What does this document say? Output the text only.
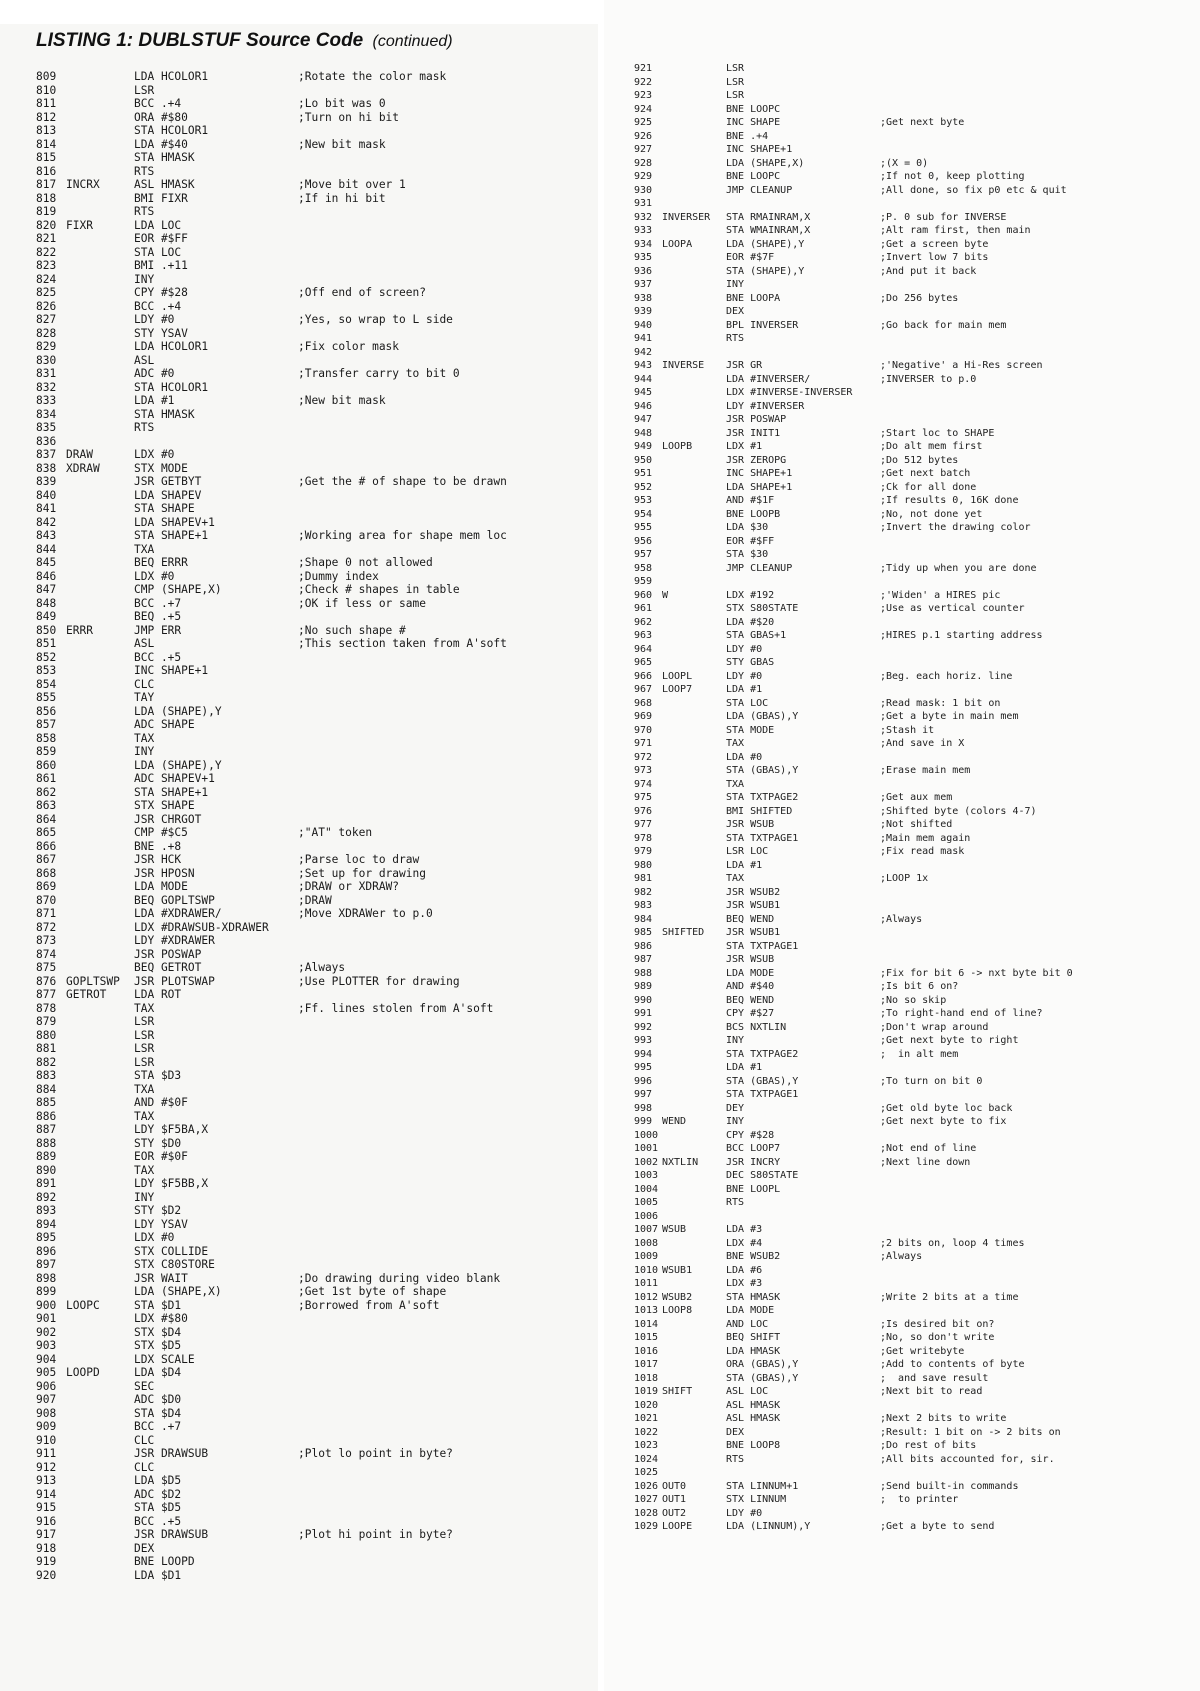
LISTING 1: DUBLSTUF Source Code (continued)
809	LDA HCOLOR1	;Rotate the color mask
810	LSR
811	BCC .+4	;Lo bit was 0
812	ORA #$80	;Turn on hi bit
813	STA HCOLOR1
814	LDA #$40	;New bit mask
815	STA HMASK
816	RTS
817 INCRX	ASL HMASK	;Move bit over 1
818	BMI FIXR	;If in hi bit
819	RTS
820 FIXR	LDA LOC
821	EOR #$FF
822	STA LOC
823	BMI .+11
824	INY
825	CPY #$28	;Off end of screen?
826	BCC .+4
827	LDY #0	;Yes, so wrap to L side
828	STY YSAV
829	LDA HCOLOR1	;Fix color mask
830	ASL
831	ADC #0	;Transfer carry to bit 0
832	STA HCOLOR1
833	LDA #1	;New bit mask
834	STA HMASK
835	RTS
836
837 DRAW	LDX #0
838 XDRAW	STX MODE
839	JSR GETBYT	;Get the # of shape to be drawn
840	LDA SHAPEV
841	STA SHAPE
842	LDA SHAPEV+1
843	STA SHAPE+1	;Working area for shape mem loc
844	TXA
845	BEQ ERRR	;Shape 0 not allowed
846	LDX #0	;Dummy index
847	CMP (SHAPE,X)	;Check # shapes in table
848	BCC .+7	;OK if less or same
849	BEQ .+5
850 ERRR	JMP ERR	;No such shape #
851	ASL	;This section taken from A'soft
852	BCC .+5
853	INC SHAPE+1
854	CLC
855	TAY
856	LDA (SHAPE),Y
857	ADC SHAPE
858	TAX
859	INY
860	LDA (SHAPE),Y
861	ADC SHAPEV+1
862	STA SHAPE+1
863	STX SHAPE
864	JSR CHRGOT
865	CMP #$C5	;"AT" token
866	BNE .+8
867	JSR HCK	;Parse loc to draw
868	JSR HPOSN	;Set up for drawing
869	LDA MODE	;DRAW or XDRAW?
870	BEQ GOPLTSWP	;DRAW
871	LDA #XDRAWER/	;Move XDRAWer to p.0
872	LDX #DRAWSUB-XDRAWER
873	LDY #XDRAWER
874	JSR POSWAP
875	BEQ GETROT	;Always
876 GOPLTSWP JSR PLOTSWAP	;Use PLOTTER for drawing
877 GETROT LDA ROT
878	TAX	;Ff. lines stolen from A'soft
879	LSR
880	LSR
881	LSR
882	LSR
883	STA $D3
884	TXA
885	AND #$0F
886	TAX
887	LDY $F5BA,X
888	STY $D0
889	EOR #$0F
890	TAX
891	LDY $F5BB,X
892	INY
893	STY $D2
894	LDY YSAV
895	LDX #0
896	STX COLLIDE
897	STX C80STORE
898	JSR WAIT	;Do drawing during video blank
899	LDA (SHAPE,X)	;Get 1st byte of shape
900 LOOPC	STA $D1	;Borrowed from A'soft
901	LDX #$80
902	STX $D4
903	STX $D5
904	LDX SCALE
905 LOOPD	LDA $D4
906	SEC
907	ADC $D0
908	STA $D4
909	BCC .+7
910	CLC
911	JSR DRAWSUB	;Plot lo point in byte?
912	CLC
913	LDA $D5
914	ADC $D2
915	STA $D5
916	BCC .+5
917	JSR DRAWSUB	;Plot hi point in byte?
918	DEX
919	BNE LOOPD
920	LDA $D1
921	LSR
922	LSR
923	LSR
924	BNE LOOPC
925	INC SHAPE	;Get next byte
926	BNE .+4
927	INC SHAPE+1
928	LDA (SHAPE,X)	;(X = 0)
929	BNE LOOPC	;If not 0, keep plotting
930	JMP CLEANUP	;All done, so fix p0 etc & quit
931
932 INVERSER STA RMAINRAM,X	;P. 0 sub for INVERSE
933	STA WMAINRAM,X	;Alt ram first, then main
934 LOOPA	LDA (SHAPE),Y	;Get a screen byte
935	EOR #$7F	;Invert low 7 bits
936	STA (SHAPE),Y	;And put it back
937	INY
938	BNE LOOPA	;Do 256 bytes
939	DEX
940	BPL INVERSER	;Go back for main mem
941	RTS
942
943 INVERSE JSR GR	;'Negative' a Hi-Res screen
944	LDA #INVERSER/	;INVERSER to p.0
945	LDX #INVERSE-INVERSER
946	LDY #INVERSER
947	JSR POSWAP
948	JSR INIT1	;Start loc to SHAPE
949 LOOPB	LDX #1	;Do alt mem first
950	JSR ZEROPG	;Do 512 bytes
951	INC SHAPE+1	;Get next batch
952	LDA SHAPE+1	;Ck for all done
953	AND #$1F	;If results 0, 16K done
954	BNE LOOPB	;No, not done yet
955	LDA $30	;Invert the drawing color
956	EOR #$FF
957	STA $30
958	JMP CLEANUP	;Tidy up when you are done
959
960 W	LDX #192	;'Widen' a HIRES pic
961	STX S80STATE	;Use as vertical counter
962	LDA #$20
963	STA GBAS+1	;HIRES p.1 starting address
964	LDY #0
965	STY GBAS
966 LOOPL	LDY #0	;Beg. each horiz. line
967 LOOP7	LDA #1
968	STA LOC	;Read mask: 1 bit on
969	LDA (GBAS),Y	;Get a byte in main mem
970	STA MODE	;Stash it
971	TAX	;And save in X
972	LDA #0
973	STA (GBAS),Y	;Erase main mem
974	TXA
975	STA TXTPAGE2	;Get aux mem
976	BMI SHIFTED	;Shifted byte (colors 4-7)
977	JSR WSUB	;Not shifted
978	STA TXTPAGE1	;Main mem again
979	LSR LOC	;Fix read mask
980	LDA #1
981	TAX	;LOOP 1x
982	JSR WSUB2
983	JSR WSUB1
984	BEQ WEND	;Always
985 SHIFTED JSR WSUB1
986	STA TXTPAGE1
987	JSR WSUB
988	LDA MODE	;Fix for bit 6 -> nxt byte bit 0
989	AND #$40	;Is bit 6 on?
990	BEQ WEND	;No so skip
991	CPY #$27	;To right-hand end of line?
992	BCS NXTLIN	;Don't wrap around
993	INY	;Get next byte to right
994	STA TXTPAGE2	;  in alt mem
995	LDA #1
996	STA (GBAS),Y	;To turn on bit 0
997	STA TXTPAGE1
998	DEY	;Get old byte loc back
999 WEND	INY	;Get next byte to fix
1000	CPY #$28
1001	BCC LOOP7	;Not end of line
1002 NXTLIN	JSR INCRY	;Next line down
1003	DEC S80STATE
1004	BNE LOOPL
1005	RTS
1006
1007 WSUB	LDA #3
1008	LDX #4	;2 bits on, loop 4 times
1009	BNE WSUB2	;Always
1010 WSUB1	LDA #6
1011	LDX #3
1012 WSUB2	STA HMASK	;Write 2 bits at a time
1013 LOOP8	LDA MODE
1014	AND LOC	;Is desired bit on?
1015	BEQ SHIFT	;No, so don't write
1016	LDA HMASK	;Get writebyte
1017	ORA (GBAS),Y	;Add to contents of byte
1018	STA (GBAS),Y	;  and save result
1019 SHIFT	ASL LOC	;Next bit to read
1020	ASL HMASK
1021	ASL HMASK	;Next 2 bits to write
1022	DEX	;Result: 1 bit on -> 2 bits on
1023	BNE LOOP8	;Do rest of bits
1024	RTS	;All bits accounted for, sir.
1025
1026 OUT0	STA LINNUM+1	;Send built-in commands
1027 OUT1	STX LINNUM	;  to printer
1028 OUT2	LDY #0
1029 LOOPE	LDA (LINNUM),Y	;Get a byte to send
